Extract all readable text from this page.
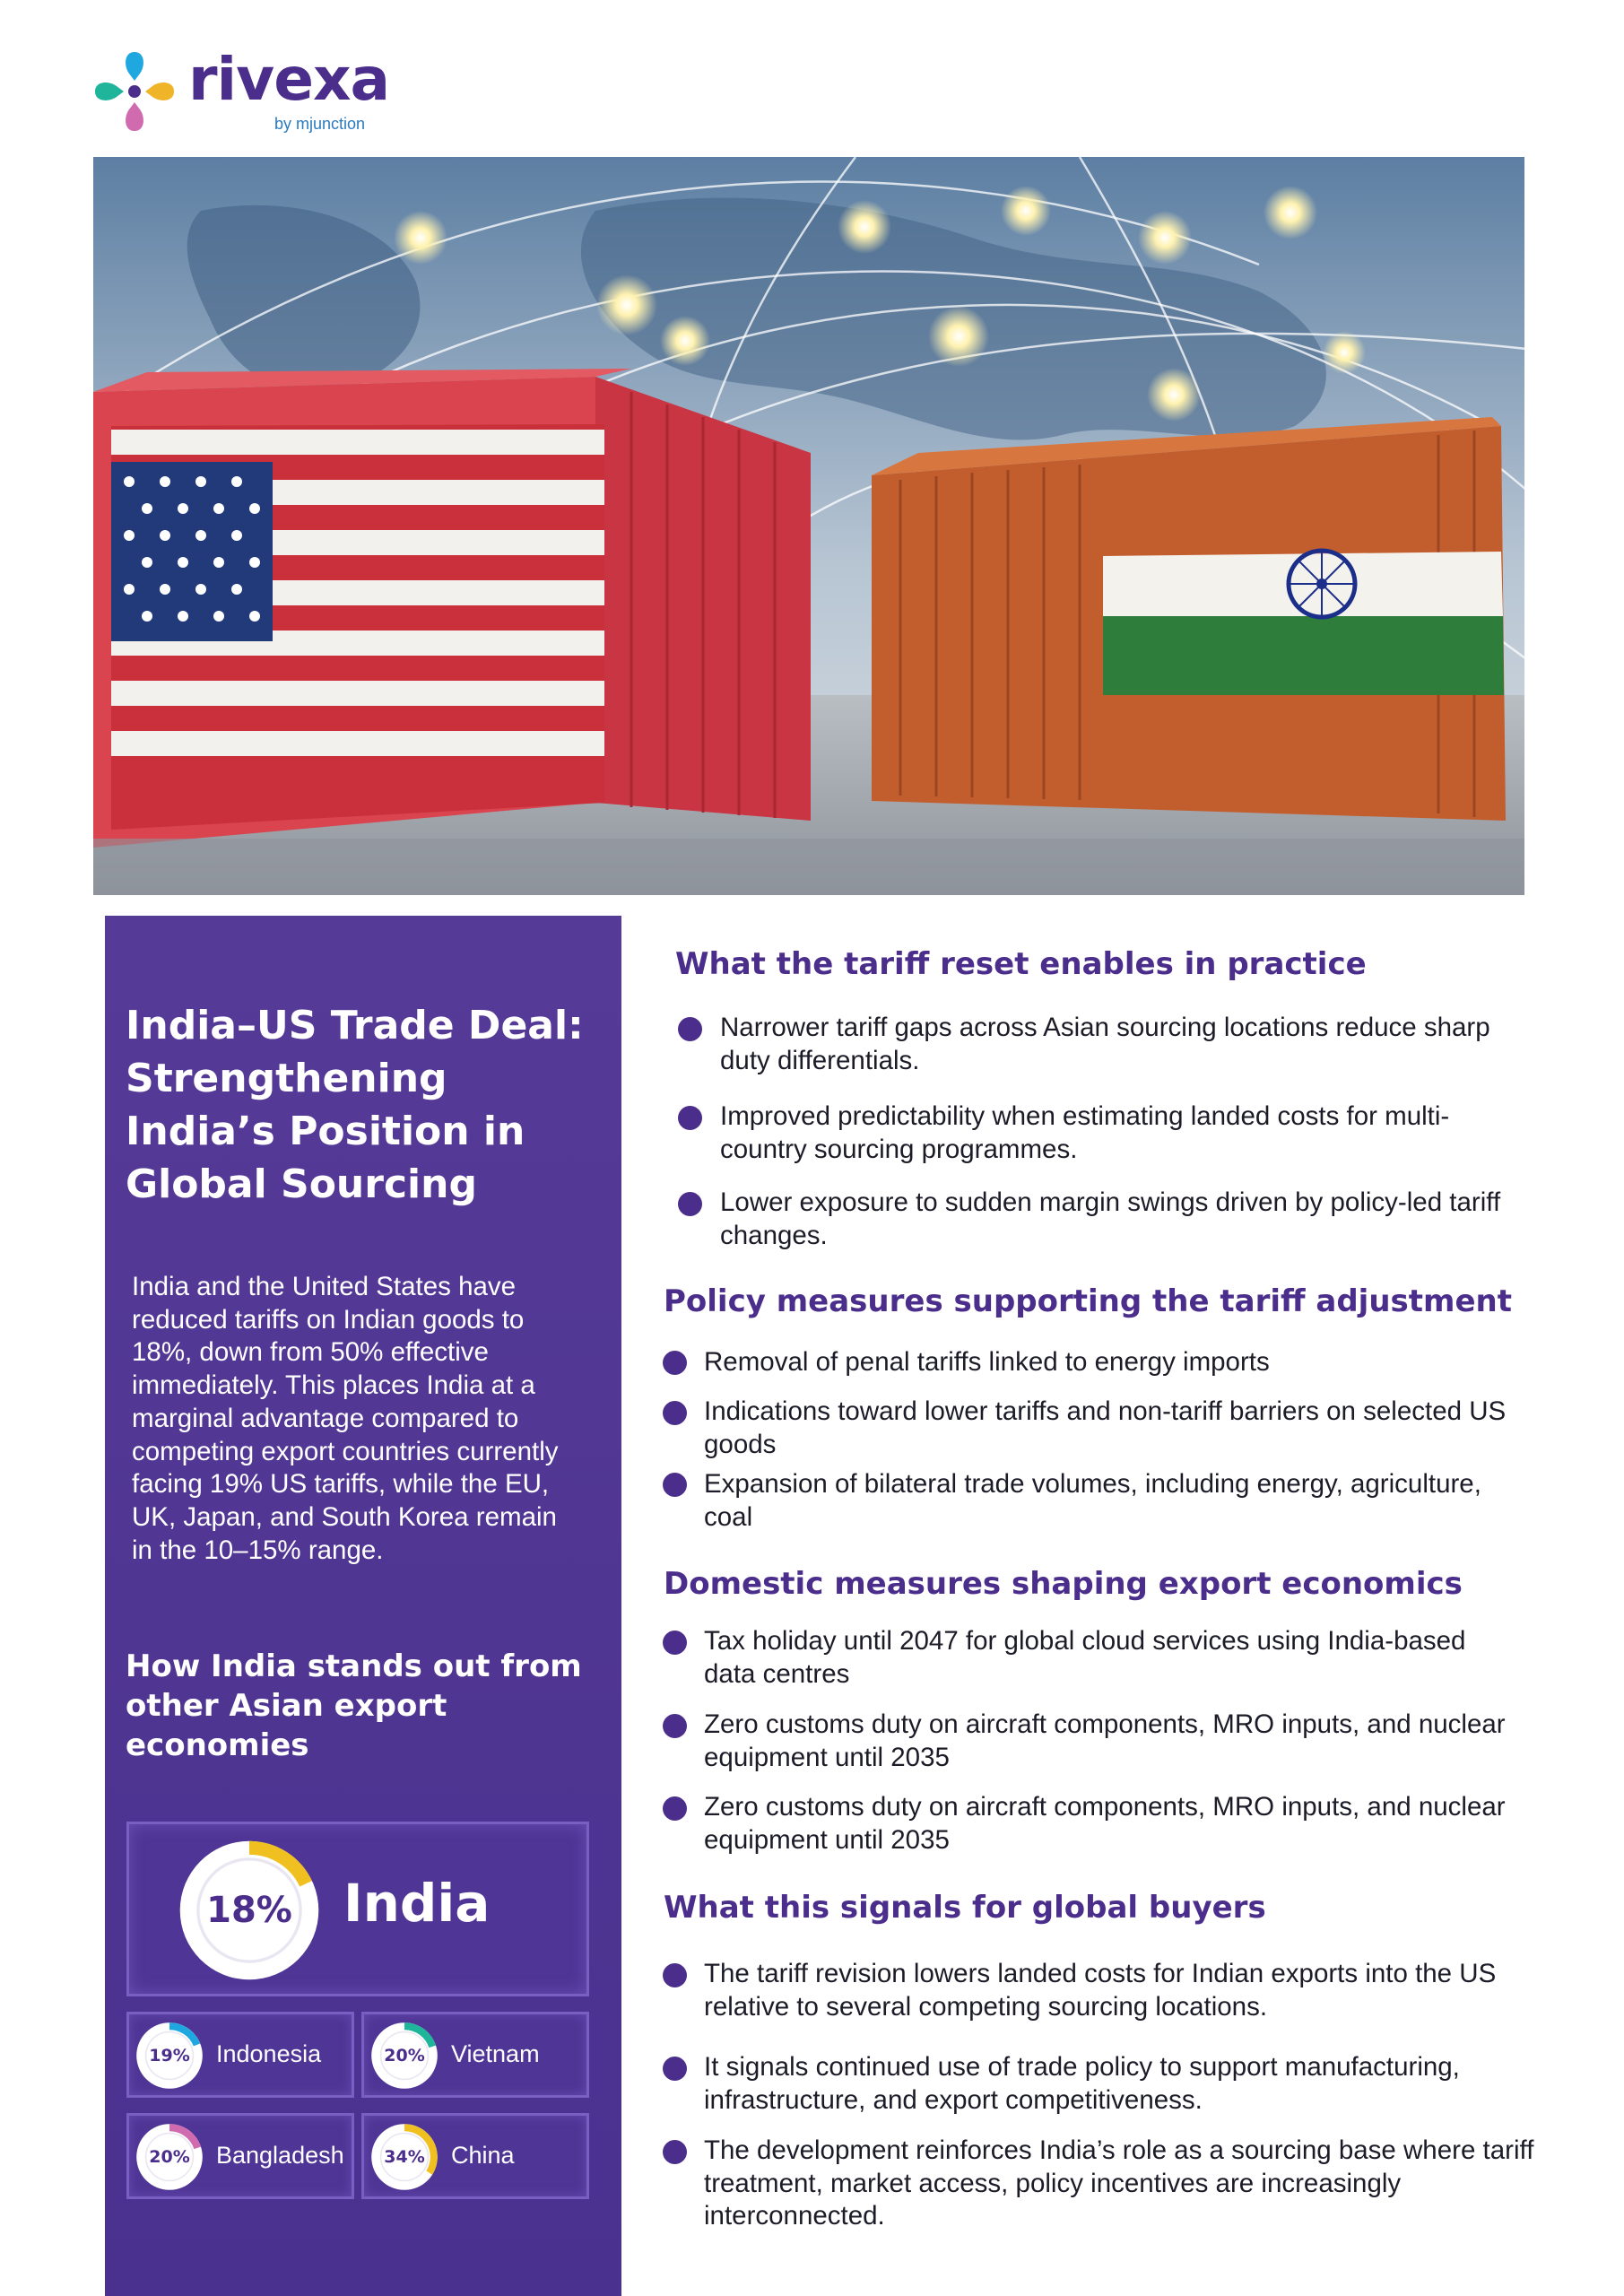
rivexa
by mjunction
India–US Trade Deal: Strengthening India’s Position in Global Sourcing
India and the United States have reduced tariffs on Indian goods to 18%, down from 50% effective immediately. This places India at a marginal advantage compared to competing export countries currently facing 19% US tariffs, while the EU, UK, Japan, and South Korea remain in the 10–15% range.
How India stands out from other Asian export economies
18% India
19%	Indonesia	20%	Vietnam
20%	Bangladesh	34%	China
What the tariff reset enables in practice
Narrower tariff gaps across Asian sourcing locations reduce sharp duty differentials.
Improved predictability when estimating landed costs for multi-country sourcing programmes.
Lower exposure to sudden margin swings driven by policy-led tariff changes.
Policy measures supporting the tariff adjustment
Removal of penal tariffs linked to energy imports
Indications toward lower tariffs and non-tariff barriers on selected US goods
Expansion of bilateral trade volumes, including energy, agriculture, coal
Domestic measures shaping export economics
Tax holiday until 2047 for global cloud services using India-based data centres
Zero customs duty on aircraft components, MRO inputs, and nuclear equipment until 2035
Zero customs duty on aircraft components, MRO inputs, and nuclear equipment until 2035
What this signals for global buyers
The tariff revision lowers landed costs for Indian exports into the US relative to several competing sourcing locations.
It signals continued use of trade policy to support manufacturing, infrastructure, and export competitiveness.
The development reinforces India’s role as a sourcing base where tariff treatment, market access, policy incentives are increasingly interconnected.
